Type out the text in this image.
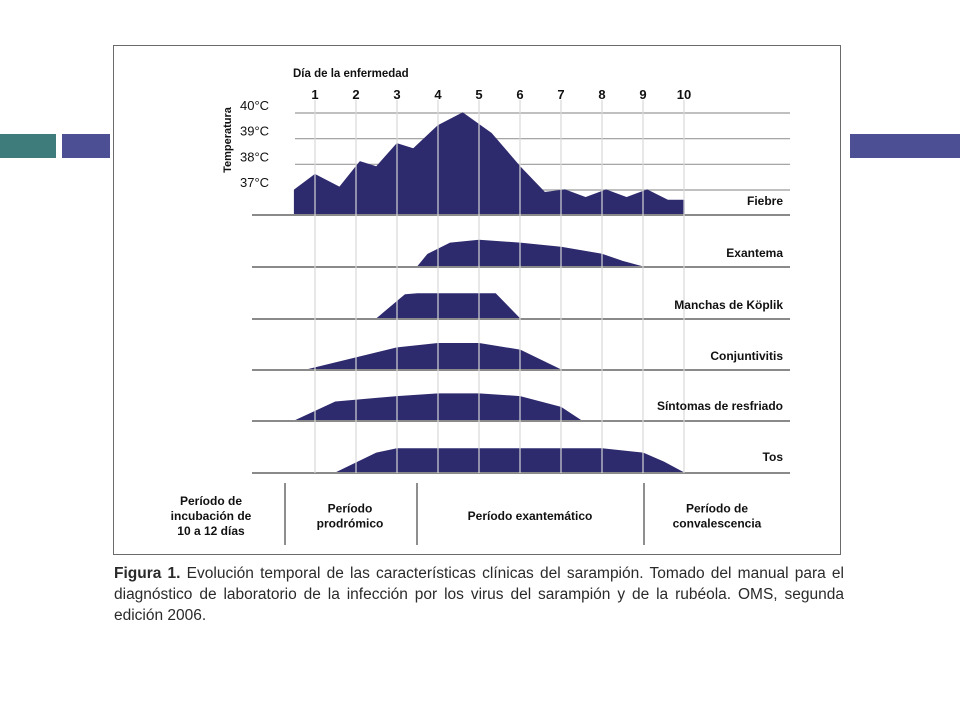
1	2	3	4	5	6	7	8	9 10
Día de la enfermedad
Temperatura
40°C
39°C
38°C
37°C
Fiebre
Exantema
Manchas de Köplik
Conjuntivitis
Síntomas de resfriado
Tos
Período de
incubación de
10 a 12 días
Período
prodrómico
Período exantemático
Período de
convalescencia
Figura 1. Evolución temporal de las características clínicas del sarampión. Tomado del manual para el diagnóstico de laboratorio de la infección por los virus del sarampión y de la rubéola. OMS, segunda edición 2006.
